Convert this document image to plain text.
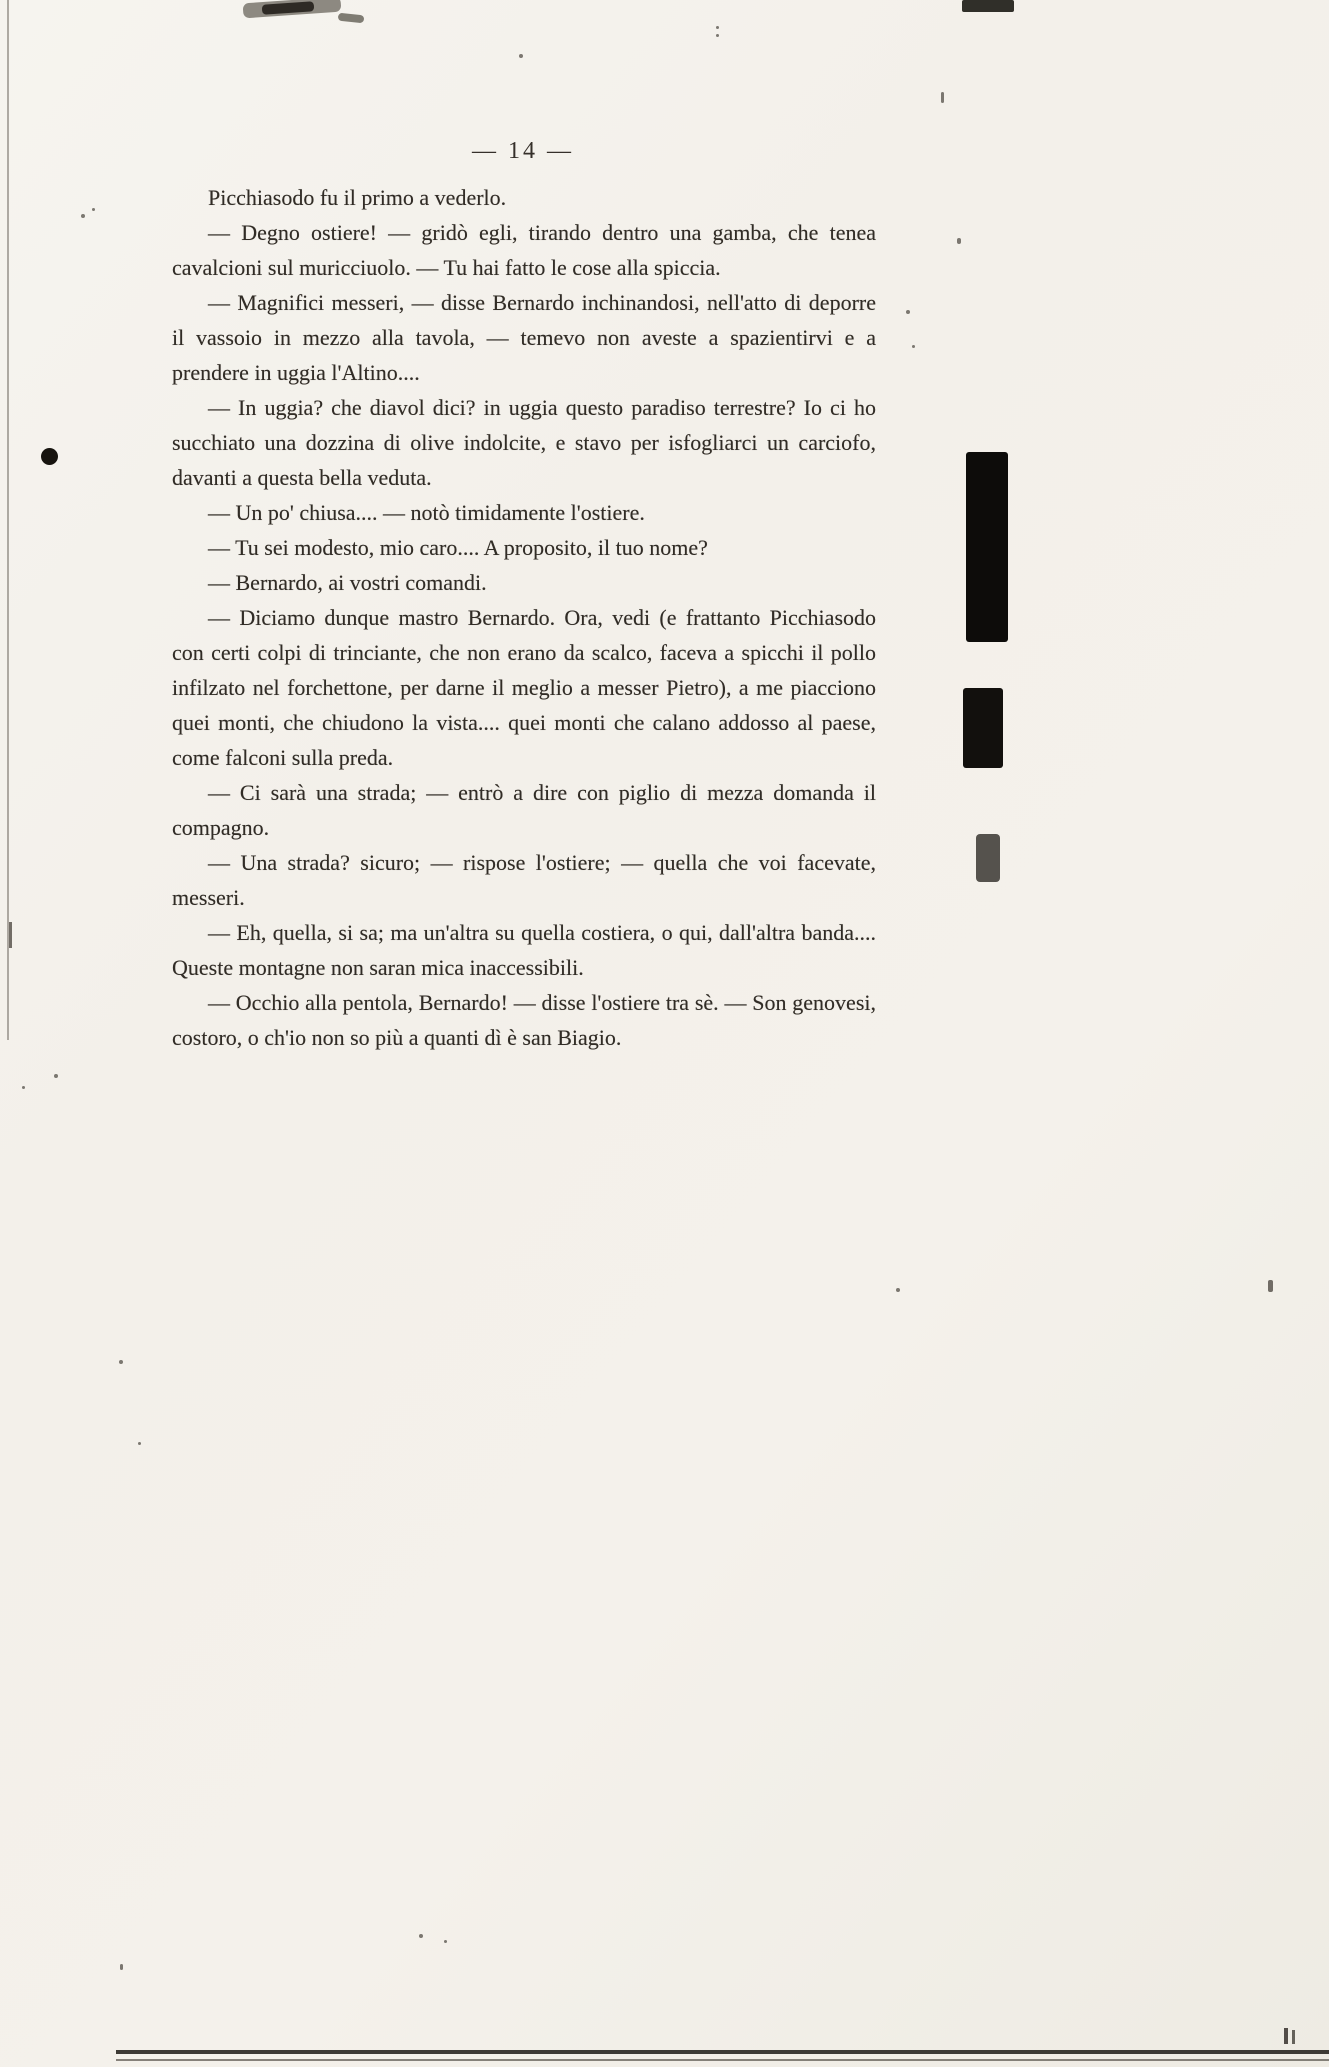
— 14 —

Picchiasodo fu il primo a vederlo.

— Degno ostiere! — gridò egli, tirando dentro una gamba, che tenea cavalcioni sul muricciuolo. — Tu hai fatto le cose alla spiccia.

— Magnifici messeri, — disse Bernardo inchinandosi, nell'atto di deporre il vassoio in mezzo alla tavola, — temevo non aveste a spazientirvi e a prendere in uggia l'Altino....

— In uggia? che diavol dici? in uggia questo paradiso terrestre? Io ci ho succhiato una dozzina di olive indolcite, e stavo per isfogliarci un carciofo, davanti a questa bella veduta.

— Un po' chiusa.... — notò timidamente l'ostiere.

— Tu sei modesto, mio caro.... A proposito, il tuo nome?

— Bernardo, ai vostri comandi.

— Diciamo dunque mastro Bernardo. Ora, vedi (e frattanto Picchiasodo con certi colpi di trinciante, che non erano da scalco, faceva a spicchi il pollo infilzato nel forchettone, per darne il meglio a messer Pietro), a me piacciono quei monti, che chiudono la vista.... quei monti che calano addosso al paese, come falconi sulla preda.

— Ci sarà una strada; — entrò a dire con piglio di mezza domanda il compagno.

— Una strada? sicuro; — rispose l'ostiere; — quella che voi facevate, messeri.

— Eh, quella, si sa; ma un'altra su quella costiera, o qui, dall'altra banda.... Queste montagne non saran mica inaccessibili.

— Occhio alla pentola, Bernardo! — disse l'ostiere tra sè. — Son genovesi, costoro, o ch'io non so più a quanti dì è san Biagio.
